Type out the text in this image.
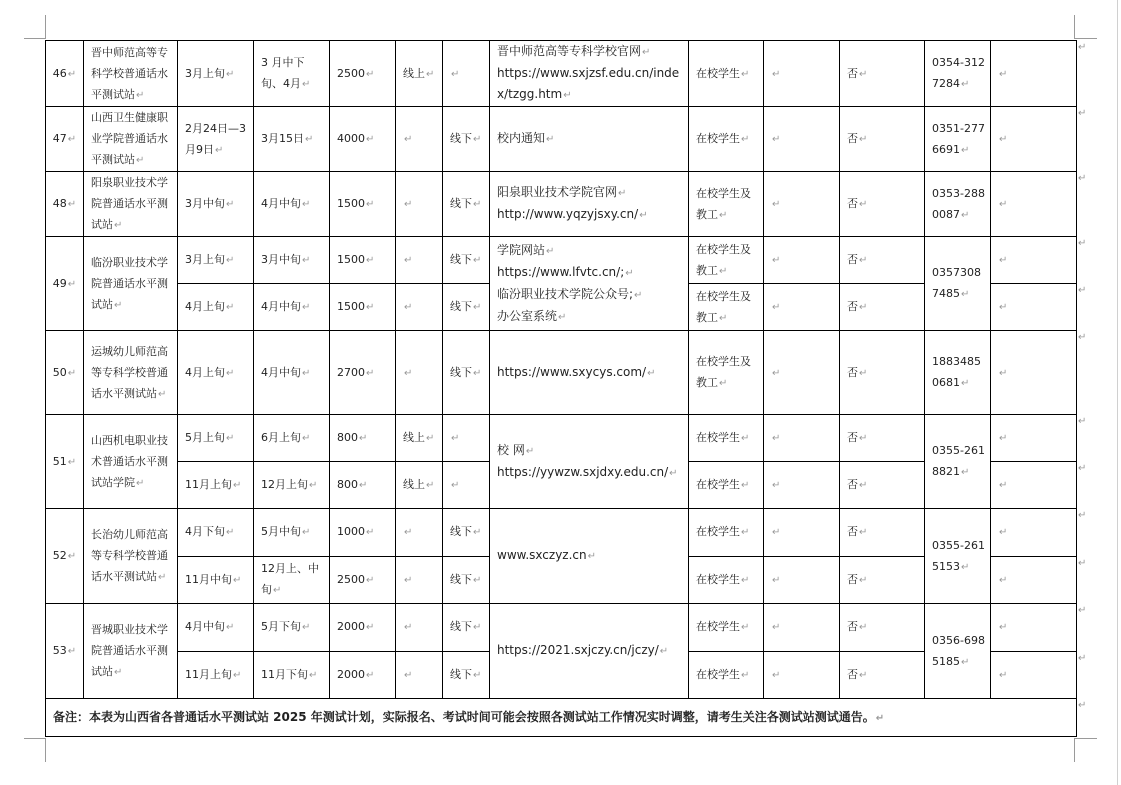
46↵	晋中师范高等专科学校普通话水平测试站↵	3月上旬↵	3 月中下旬、4月↵	2500↵	线上↵	↵	晋中师范高等专科学校官网↵
https://www.sxjzsf.edu.cn/index/tzgg.htm↵	在校学生↵	↵	否↵	0354-3127284↵	↵
47↵	山西卫生健康职业学院普通话水平测试站↵	2月24日—3月9日↵	3月15日↵	4000↵	↵	线下↵	校内通知↵	在校学生↵	↵	否↵	0351-2776691↵	↵
48↵	阳泉职业技术学院普通话水平测试站↵	3月中旬↵	4月中旬↵	1500↵	↵	线下↵	阳泉职业技术学院官网↵
http://www.yqzyjsxy.cn/↵	在校学生及教工↵	↵	否↵	0353-2880087↵	↵
49↵	临汾职业技术学院普通话水平测试站↵	3月上旬↵	3月中旬↵	1500↵	↵	线下↵	学院网站↵
https://www.lfvtc.cn/;↵
临汾职业技术学院公众号;↵
办公室系统↵	在校学生及教工↵	↵	否↵	03573087485↵	↵
		4月上旬↵	4月中旬↵	1500↵	↵	线下↵		在校学生及教工↵	↵	否↵		↵
50↵	运城幼儿师范高等专科学校普通话水平测试站↵	4月上旬↵	4月中旬↵	2700↵	↵	线下↵	https://www.sxycys.com/↵	在校学生及教工↵	↵	否↵	18834850681↵	↵
51↵	山西机电职业技术普通话水平测试站学院↵	5月上旬↵	6月上旬↵	800↵	线上↵	↵	校 网↵
https://yywzw.sxjdxy.edu.cn/↵	在校学生↵	↵	否↵	0355-2618821↵	↵
		11月上旬↵	12月上旬↵	800↵	线上↵	↵		在校学生↵	↵	否↵		↵
52↵	长治幼儿师范高等专科学校普通话水平测试站↵	4月下旬↵	5月中旬↵	1000↵	↵	线下↵	www.sxczyz.cn↵	在校学生↵	↵	否↵	0355-2615153↵	↵
		11月中旬↵	12月上、中旬↵	2500↵	↵	线下↵		在校学生↵	↵	否↵		↵
53↵	晋城职业技术学院普通话水平测试站↵	4月中旬↵	5月下旬↵	2000↵	↵	线下↵	https://2021.sxjczy.cn/jczy/↵	在校学生↵	↵	否↵	0356-6985185↵	↵
		11月上旬↵	11月下旬↵	2000↵	↵	线下↵		在校学生↵	↵	否↵		↵
备注：本表为山西省各普通话水平测试站 2025 年测试计划，实际报名、考试时间可能会按照各测试站工作情况实时调整，请考生关注各测试站测试通告。↵												
↵
↵
↵
↵
↵
↵
↵
↵
↵
↵
↵
↵
↵
